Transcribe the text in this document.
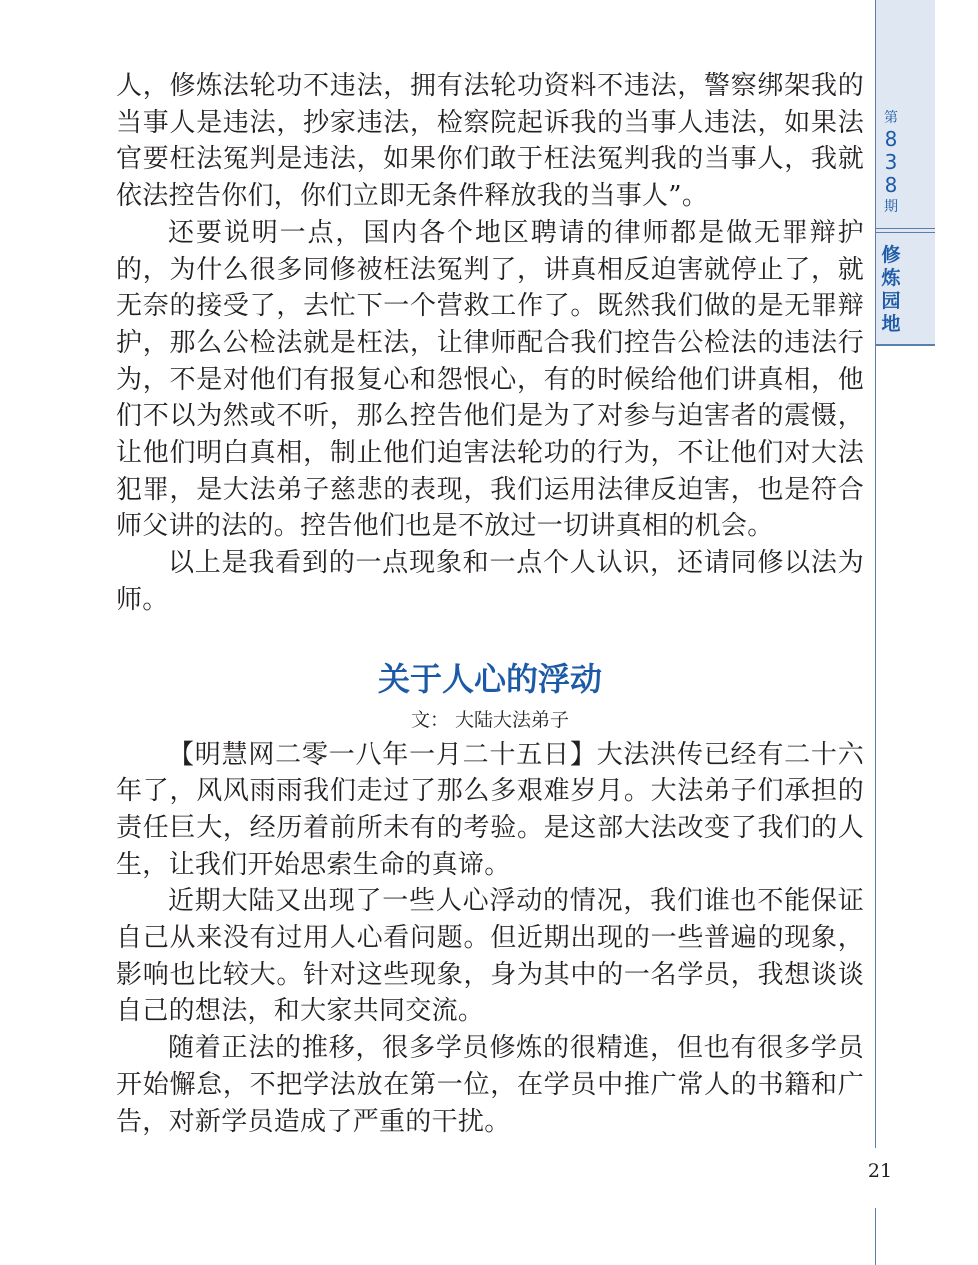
第
8
3
8
期
修
炼
园
地
21

人，修炼法轮功不违法，拥有法轮功资料不违法，警察绑架我的当事人是违法，抄家违法，检察院起诉我的当事人违法，如果法官要枉法冤判是违法，如果你们敢于枉法冤判我的当事人，我就依法控告你们，你们立即无条件释放我的当事人”。

还要说明一点，国内各个地区聘请的律师都是做无罪辩护的，为什么很多同修被枉法冤判了，讲真相反迫害就停止了，就无奈的接受了，去忙下一个营救工作了。既然我们做的是无罪辩护，那么公检法就是枉法，让律师配合我们控告公检法的违法行为，不是对他们有报复心和怨恨心，有的时候给他们讲真相，他们不以为然或不听，那么控告他们是为了对参与迫害者的震慑，让他们明白真相，制止他们迫害法轮功的行为，不让他们对大法犯罪，是大法弟子慈悲的表现，我们运用法律反迫害，也是符合师父讲的法的。控告他们也是不放过一切讲真相的机会。

以上是我看到的一点现象和一点个人认识，还请同修以法为师。

关于人心的浮动
文： 大陆大法弟子

【明慧网二零一八年一月二十五日】大法洪传已经有二十六年了，风风雨雨我们走过了那么多艰难岁月。大法弟子们承担的责任巨大，经历着前所未有的考验。是这部大法改变了我们的人生，让我们开始思索生命的真谛。

近期大陆又出现了一些人心浮动的情况，我们谁也不能保证自己从来没有过用人心看问题。但近期出现的一些普遍的现象，影响也比较大。针对这些现象，身为其中的一名学员，我想谈谈自己的想法，和大家共同交流。

随着正法的推移，很多学员修炼的很精進，但也有很多学员开始懈怠，不把学法放在第一位，在学员中推广常人的书籍和广告，对新学员造成了严重的干扰。
